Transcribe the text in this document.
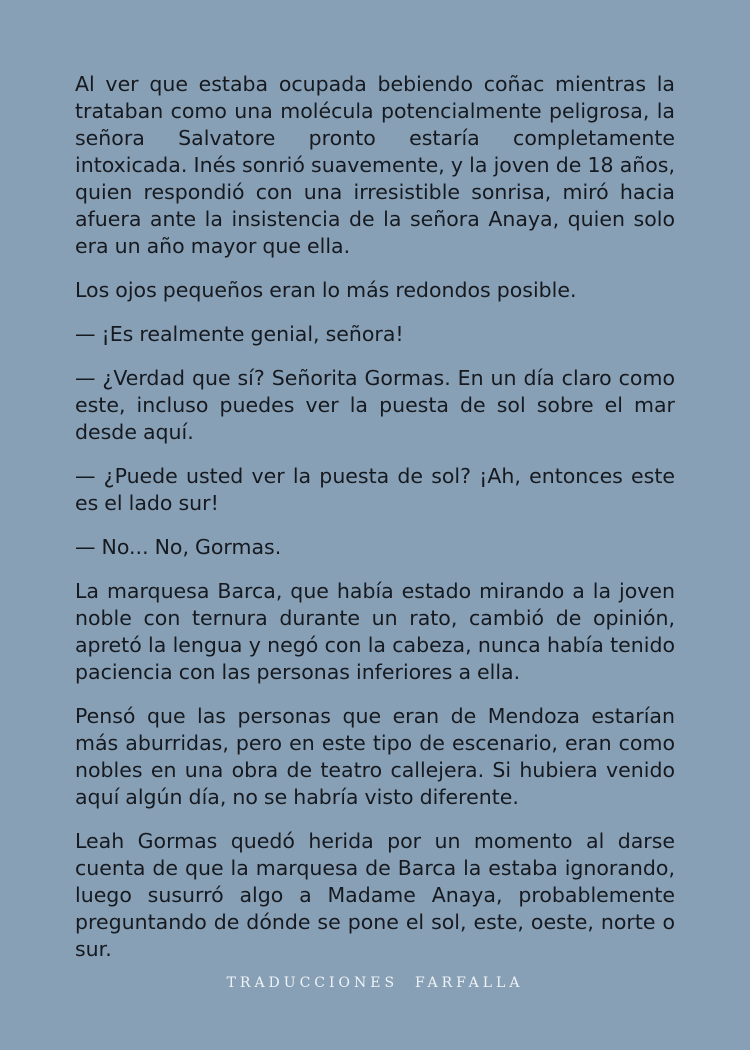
Al ver que estaba ocupada bebiendo coñac mientras la trataban como una molécula potencialmente peligrosa, la señora Salvatore pronto estaría completamente intoxicada. Inés sonrió suavemente, y la joven de 18 años, quien respondió con una irresistible sonrisa, miró hacia afuera ante la insistencia de la señora Anaya, quien solo era un año mayor que ella.

Los ojos pequeños eran lo más redondos posible.

— ¡Es realmente genial, señora!

— ¿Verdad que sí? Señorita Gormas. En un día claro como este, incluso puedes ver la puesta de sol sobre el mar desde aquí.

— ¿Puede usted ver la puesta de sol? ¡Ah, entonces este es el lado sur!

— No... No, Gormas.

La marquesa Barca, que había estado mirando a la joven noble con ternura durante un rato, cambió de opinión, apretó la lengua y negó con la cabeza, nunca había tenido paciencia con las personas inferiores a ella.

Pensó que las personas que eran de Mendoza estarían más aburridas, pero en este tipo de escenario, eran como nobles en una obra de teatro callejera. Si hubiera venido aquí algún día, no se habría visto diferente.

Leah Gormas quedó herida por un momento al darse cuenta de que la marquesa de Barca la estaba ignorando, luego susurró algo a Madame Anaya, probablemente preguntando de dónde se pone el sol, este, oeste, norte o sur.

TRADUCCIONES  FARFALLA
